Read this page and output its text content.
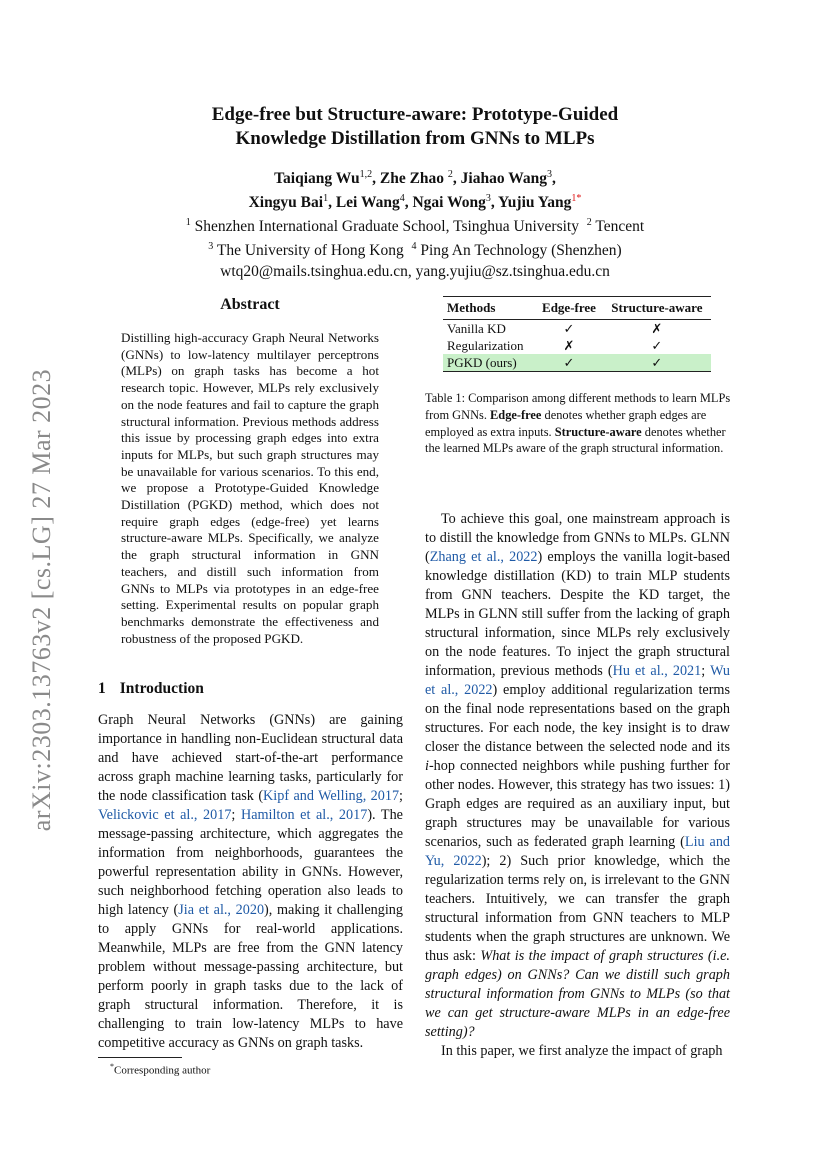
arXiv:2303.13763v2 [cs.LG] 27 Mar 2023
Edge-free but Structure-aware: Prototype-Guided
Knowledge Distillation from GNNs to MLPs
Taiqiang Wu$^{1,2}$, Zhe Zhao $^2$, Jiahao Wang$^3$,
Xingyu Bai$^1$, Lei Wang$^4$, Ngai Wong$^3$, Yujiu Yang$^{1*}$
$^1$ Shenzhen International Graduate School, Tsinghua University $^2$ Tencent
$^3$ The University of Hong Kong $^4$ Ping An Technology (Shenzhen)
wtq20@mails.tsinghua.edu.cn, yang.yujiu@sz.tsinghua.edu.cn
Abstract
Distilling high-accuracy Graph Neural Networks (GNNs) to low-latency multilayer perceptrons (MLPs) on graph tasks has become a hot research topic. However, MLPs rely exclusively on the node features and fail to capture the graph structural information. Previous methods address this issue by processing graph edges into extra inputs for MLPs, but such graph structures may be unavailable for various scenarios. To this end, we propose a Prototype-Guided Knowledge Distillation (PGKD) method, which does not require graph edges (edge-free) yet learns structure-aware MLPs. Specifically, we analyze the graph structural information in GNN teachers, and distill such information from GNNs to MLPs via prototypes in an edge-free setting. Experimental results on popular graph benchmarks demonstrate the effectiveness and robustness of the proposed PGKD.
1 Introduction

Graph Neural Networks (GNNs) are gaining importance in handling non-Euclidean structural data and have achieved start-of-the-art performance across graph machine learning tasks, particularly for the node classification task (Kipf and Welling, 2017; Velickovic et al., 2017; Hamilton et al., 2017). The message-passing architecture, which aggregates the information from neighborhoods, guarantees the powerful representation ability in GNNs. However, such neighborhood fetching operation also leads to high latency (Jia et al., 2020), making it challenging to apply GNNs for real-world applications. Meanwhile, MLPs are free from the GNN latency problem without message-passing architecture, but perform poorly in graph tasks due to the lack of graph structural information. Therefore, it is challenging to train low-latency MLPs to have competitive accuracy as GNNs on graph tasks.

*Corresponding author
Methods	Edge-free	Structure-aware
Vanilla KD	✓	✗
Regularization	✗	✓
PGKD (ours)	✓	✓
Table 1: Comparison among different methods to learn MLPs from GNNs. Edge-free denotes whether graph edges are employed as extra inputs. Structure-aware denotes whether the learned MLPs aware of the graph structural information.

To achieve this goal, one mainstream approach is to distill the knowledge from GNNs to MLPs. GLNN (Zhang et al., 2022) employs the vanilla logit-based knowledge distillation (KD) to train MLP students from GNN teachers. Despite the KD target, the MLPs in GLNN still suffer from the lacking of graph structural information, since MLPs rely exclusively on the node features. To inject the graph structural information, previous methods (Hu et al., 2021; Wu et al., 2022) employ additional regularization terms on the final node representations based on the graph structures. For each node, the key insight is to draw closer the distance between the selected node and its i-hop connected neighbors while pushing further for other nodes. However, this strategy has two issues: 1) Graph edges are required as an auxiliary input, but graph structures may be unavailable for various scenarios, such as federated graph learning (Liu and Yu, 2022); 2) Such prior knowledge, which the regularization terms rely on, is irrelevant to the GNN teachers. Intuitively, we can transfer the graph structural information from GNN teachers to MLP students when the graph structures are unknown. We thus ask: What is the impact of graph structures (i.e. graph edges) on GNNs? Can we distill such graph structural information from GNNs to MLPs (so that we can get structure-aware MLPs in an edge-free setting)?

In this paper, we first analyze the impact of graph
